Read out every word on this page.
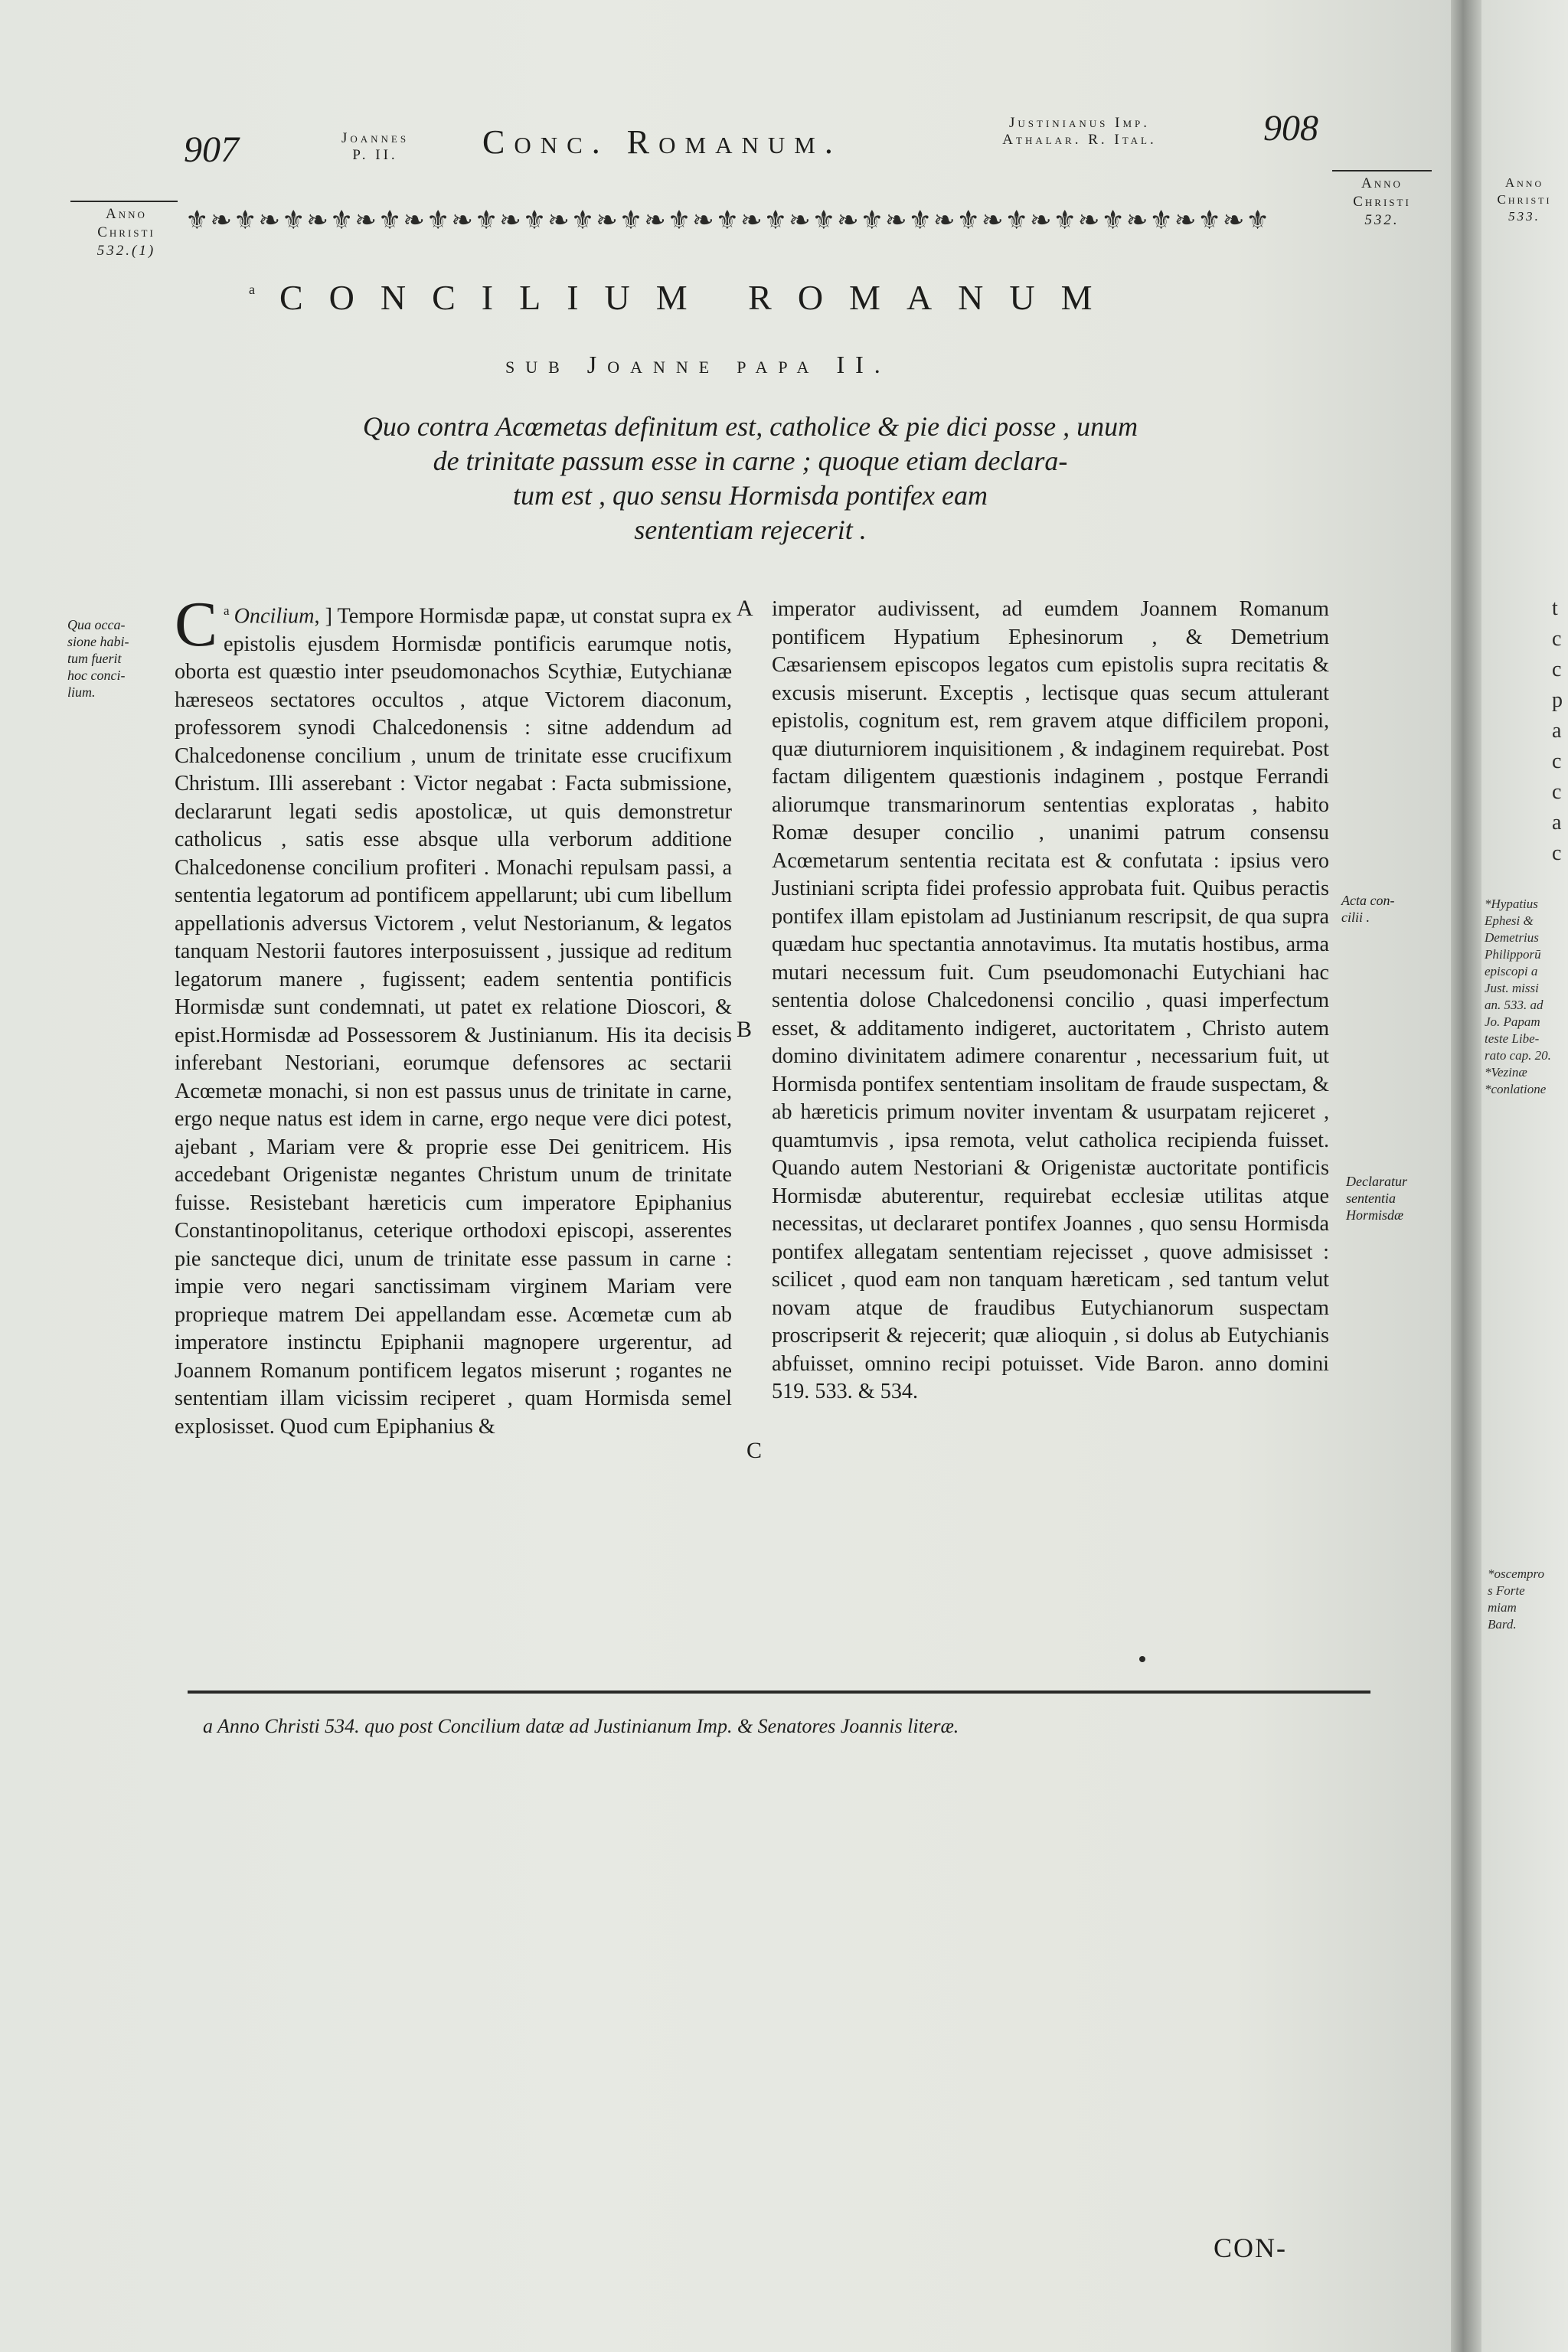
907	Joannes
P. II.	Conc. Romanum.
Justinianus Imp.
Athalar. R. Ital.	908
Anno
Christi
532.(1)
Anno
Christi
532.
⚜❧⚜❧⚜❧⚜❧⚜❧⚜❧⚜❧⚜❧⚜❧⚜❧⚜❧⚜❧⚜❧⚜❧⚜❧⚜❧⚜❧⚜❧⚜❧⚜❧⚜❧⚜❧⚜
a CONCILIUM ROMANUM
sub Joanne papa II.
Quo contra Acœmetas definitum est, catholice & pie dici posse , unum
de trinitate passum esse in carne ; quoque etiam declara-
tum est , quo sensu Hormisda pontifex eam
sententiam rejecerit .
Qua occa-
sione habi-
tum fuerit
hoc conci-
lium.

$^a$
C Oncilium, ] Tempore Hormisdæ papæ, ut constat supra ex epistolis ejusdem Hormisdæ pontificis earumque notis, oborta est quæstio inter pseudomonachos Scythiæ, Eutychianæ hæreseos sectatores occultos , atque Victorem diaconum, professorem synodi Chalcedonensis : sitne addendum ad Chalcedonense concilium , unum de trinitate esse crucifixum Christum. Illi asserebant : Victor negabat : Facta submissione, declararunt legati sedis apostolicæ, ut quis demonstretur catholicus , satis esse absque ulla verborum additione Chalcedonense concilium profiteri . Monachi repulsam passi, a sententia legatorum ad pontificem appellarunt; ubi cum libellum appellationis adversus Victorem , velut Nestorianum, & legatos tanquam Nestorii fautores interposuissent , jussique ad reditum legatorum manere , fugissent; eadem sententia pontificis Hormisdæ sunt condemnati, ut patet ex relatione Dioscori, & epist.Hormisdæ ad Possessorem & Justinianum. His ita decisis inferebant Nestoriani, eorumque defensores ac sectarii Acœmetæ monachi, si non est passus unus de trinitate in carne, ergo neque natus est idem in carne, ergo neque vere dici potest, ajebant , Mariam vere & proprie esse Dei genitricem. His accedebant Origenistæ negantes Christum unum de trinitate fuisse. Resistebant hæreticis cum imperatore Epiphanius Constantinopolitanus, ceterique orthodoxi episcopi, asserentes pie sancteque dici, unum de trinitate esse passum in carne : impie vero negari sanctissimam virginem Mariam vere proprieque matrem Dei appellandam esse. Acœmetæ cum ab imperatore instinctu Epiphanii magnopere urgerentur, ad Joannem Romanum pontificem legatos miserunt ; rogantes ne sententiam illam vicissim reciperet , quam Hormisda semel explosisset. Quod cum Epiphanius &

A
B
C

imperator audivissent, ad eumdem Joannem Romanum pontificem Hypatium Ephesinorum , & Demetrium Cæsariensem episcopos legatos cum epistolis supra recitatis & excusis miserunt. Exceptis , lectisque quas secum attulerant epistolis, cognitum est, rem gravem atque difficilem proponi, quæ diuturniorem inquisitionem , & indaginem requirebat. Post factam diligentem quæstionis indaginem , postque Ferrandi aliorumque transmarinorum sententias exploratas , habito Romæ desuper concilio , unanimi patrum consensu Acœmetarum sententia recitata est & confutata : ipsius vero Justiniani scripta fidei professio approbata fuit. Quibus peractis pontifex illam epistolam ad Justinianum rescripsit, de qua supra quædam huc spectantia annotavimus. Ita mutatis hostibus, arma mutari necessum fuit. Cum pseudomonachi Eutychiani hac sententia dolose Chalcedonensi concilio , quasi imperfectum esset, & additamento indigeret, auctoritatem , Christo autem domino divinitatem adimere conarentur , necessarium fuit, ut Hormisda pontifex sententiam insolitam de fraude suspectam, & ab hæreticis primum noviter inventam & usurpatam rejiceret , quamtumvis , ipsa remota, velut catholica recipienda fuisset. Quando autem Nestoriani & Origenistæ auctoritate pontificis Hormisdæ abuterentur, requirebat ecclesiæ utilitas atque necessitas, ut declararet pontifex Joannes , quo sensu Hormisda pontifex allegatam sententiam rejecisset , quove admisisset : scilicet , quod eam non tanquam hæreticam , sed tantum velut novam atque de fraudibus Eutychianorum suspectam proscripserit & rejecerit; quæ alioquin , si dolus ab Eutychianis abfuisset, omnino recipi potuisset. Vide Baron. anno domini 519. 533. & 534.

Acta con-
cilii .
Declaratur
sententia
Hormisdæ
a Anno Christi 534. quo post Concilium datæ ad Justinianum Imp. & Senatores Joannis literæ.
CON-
Anno
Christi
533.
*Hypatius
Ephesi &
Demetrius
Philipporū
episcopi a
Just. missi
an. 533. ad
Jo. Papam
teste Libe-
rato cap. 20.
*Vezinæ
*conlatione
*oscempro
s Forte
miam
Bard.
t
c
c
p
a
c
c
a
c
